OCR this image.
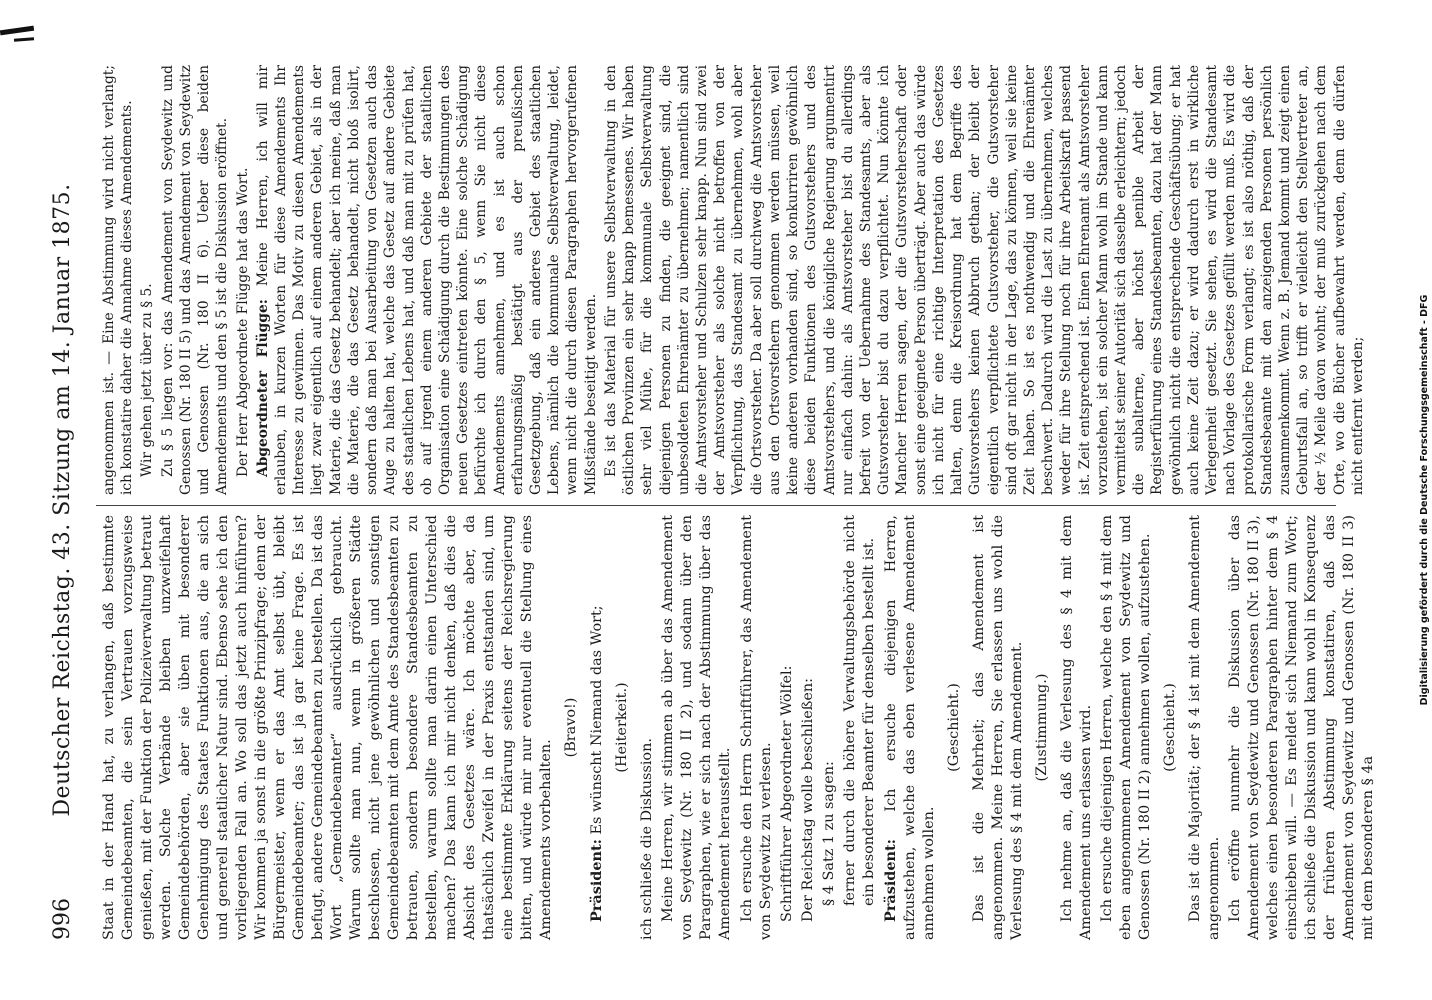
996
Deutscher Reichstag. 43. Sitzung am 14. Januar 1875. Staat in der Hand hat, zu verlangen, daß bestimmte Gemeindebeamten, die sein Vertrauen vorzugsweise genießen, mit der Funktion der Polizeiverwaltung betraut werden. Solche Verbände bleiben unzweifelhaft Gemeindebehörden, aber sie üben mit besonderer Genehmigung des Staates Funktionen aus, die an sich und generell staatlicher Natur sind. Ebenso sehe ich den vorliegenden Fall an. Wo soll das jetzt auch hinführen? Wir kommen ja sonst in die größte Prinzipfrage; denn der Bürgermeister, wenn er das Amt selbst übt, bleibt Gemeindebeamter; das ist ja gar keine Frage. Es ist befugt, andere Gemeindebeamten zu bestellen. Da ist das Wort „Gemeindebeamter“ ausdrücklich gebraucht. Warum sollte man nun, wenn in größeren Städte beschlossen, nicht jene gewöhnlichen und sonstigen Gemeindebeamten mit dem Amte des Standesbeamten zu betrauen, sondern besondere Standesbeamten zu bestellen, warum sollte man darin einen Unterschied machen? Das kann ich mir nicht denken, daß dies die Absicht des Gesetzes wäre. Ich möchte aber, da thatsächlich Zweifel in der Praxis entstanden sind, um eine bestimmte Erklärung seitens der Reichsregierung bitten, und würde mir nur eventuell die Stellung eines Amendements vorbehalten.

(Bravo!)

Präsident: Es wünscht Niemand das Wort; (Heiterkeit.)

ich schließe die Diskussion. Meine Herren, wir stimmen ab über das Amendement von Seydewitz (Nr. 180 II 2), und sodann über den Paragraphen, wie er sich nach der Abstimmung über das Amendement herausstellt. Ich ersuche den Herrn Schriftführer, das Amendement von Seydewitz zu verlesen. Schriftführer Abgeordneter Wölfel: Der Reichstag wolle beschließen: § 4 Satz 1 zu sagen: ferner durch die höhere Verwaltungsbehörde nicht ein besonderer Beamter für denselben bestellt ist. Präsident: Ich ersuche diejenigen Herren, aufzustehen, welche das eben verlesene Amendement annehmen wollen.

(Geschieht.) Das ist die Mehrheit; das Amendement ist angenommen. Meine Herren, Sie erlassen uns wohl die Verlesung des § 4 mit dem Amendement. (Zustimmung.) Ich nehme an, daß die Verlesung des § 4 mit dem Amendement uns erlassen wird. Ich ersuche diejenigen Herren, welche den § 4 mit dem eben angenommenen Amendement von Seydewitz und Genossen (Nr. 180 II 2) annehmen wollen, aufzustehen. (Geschieht.) Das ist die Majorität; der § 4 ist mit dem Amendement angenommen. Ich eröffne nunmehr die Diskussion über das Amendement von Seydewitz und Genossen (Nr. 180 II 3), welches einen besonderen Paragraphen hinter dem § 4 einschieben will. — Es meldet sich Niemand zum Wort; ich schließe die Diskussion und kann wohl in Konsequenz der früheren Abstimmung konstatiren, daß das Amendement von Seydewitz und Genossen (Nr. 180 II 3) mit dem besonderen § 4a

angenommen ist. — Eine Abstimmung wird nicht verlangt; ich konstatire daher die Annahme dieses Amendements. Wir gehen jetzt über zu § 5. Zu § 5 liegen vor: das Amendement von Seydewitz und Genossen (Nr. 180 II 5) und das Amendement von Seydewitz und Genossen (Nr. 180 II 6). Ueber diese beiden Amendements und den § 5 ist die Diskussion eröffnet. Der Herr Abgeordnete Flügge hat das Wort. Abgeordneter Flügge: Meine Herren, ich will mir erlauben, in kurzen Worten für diese Amendements Ihr Interesse zu gewinnen. Das Motiv zu diesen Amendements liegt zwar eigentlich auf einem anderen Gebiet, als in der Materie, die das Gesetz behandelt; aber ich meine, daß man die Materie, die das Gesetz behandelt, nicht bloß isolirt, sondern daß man bei Ausarbeitung von Gesetzen auch das Auge zu halten hat, welche das Gesetz auf andere Gebiete des staatlichen Lebens hat, und daß man mit zu prüfen hat, ob auf irgend einem anderen Gebiete der staatlichen Organisation eine Schädigung durch die Bestimmungen des neuen Gesetzes eintreten könnte. Eine solche Schädigung befürchte ich durch den § 5, wenn Sie nicht diese Amendements annehmen, und es ist auch schon erfahrungsmäßig bestätigt aus der preußischen Gesetzgebung, daß ein anderes Gebiet des staatlichen Lebens, nämlich die kommunale Selbstverwaltung, leidet, wenn nicht die durch diesen Paragraphen hervorgerufenen Mißstände beseitigt werden. Es ist das Material für unsere Selbstverwaltung in den östlichen Provinzen ein sehr knapp bemessenes. Wir haben sehr viel Mühe, für die kommunale Selbstverwaltung diejenigen Personen zu finden, die geeignet sind, die unbesoldeten Ehrenämter zu übernehmen; namentlich sind die Amtsvorsteher und Schulzen sehr knapp. Nun sind zwei der Amtsvorsteher als solche nicht betroffen von der Verpflichtung, das Standesamt zu übernehmen, wohl aber die Ortsvorsteher. Da aber soll durchweg die Amtsvorsteher aus den Ortsvorstehern genommen werden müssen, weil keine anderen vorhanden sind, so konkurriren gewöhnlich diese beiden Funktionen des Gutsvorstehers und des Amtsvorstehers, und die königliche Regierung argumentirt nur einfach dahin: als Amtsvorsteher bist du allerdings befreit von der Uebernahme des Standesamts, aber als Gutsvorsteher bist du dazu verpflichtet. Nun könnte ich Mancher Herren sagen, der die Gutsvorsteherschaft oder sonst eine geeignete Person überträgt. Aber auch das würde ich nicht für eine richtige Interpretation des Gesetzes halten, denn die Kreisordnung hat dem Begriffe des Gutsvorstehers keinen Abbruch gethan; der bleibt der eigentlich verpflichtete Gutsvorsteher, die Gutsvorsteher sind oft gar nicht in der Lage, das zu können, weil sie keine Zeit haben. So ist es nothwendig und die Ehrenämter beschwert. Dadurch wird die Last zu übernehmen, welches weder für ihre Stellung noch für ihre Arbeitskraft passend ist. Zeit entsprechend ist. Einen Ehrenamt als Amtsvorsteher vorzustehen, ist ein solcher Mann wohl im Stande und kann vermittelst seiner Autorität sich dasselbe erleichtern; jedoch die subalterne, aber höchst penible Arbeit der Registerführung eines Standesbeamten, dazu hat der Mann gewöhnlich nicht die entsprechende Geschäftsübung; er hat auch keine Zeit dazu; er wird dadurch erst in wirkliche Verlegenheit gesetzt. Sie sehen, es wird die Standesamt nach Vorlage des Gesetzes gefüllt werden muß. Es wird die protokollarische Form verlangt; es ist also nöthig, daß der Standesbeamte mit den anzeigenden Personen persönlich zusammenkommt. Wenn z. B. Jemand kommt und zeigt einen Geburtsfall an, so trifft er vielleicht den Stellvertreter an, der ½ Meile davon wohnt; der muß zurückgehen nach dem Orte, wo die Bücher aufbewahrt werden, denn die dürfen nicht entfernt werden;	Digitalisierung gefördert durch die Deutsche Forschungsgemeinschaft - DFG
